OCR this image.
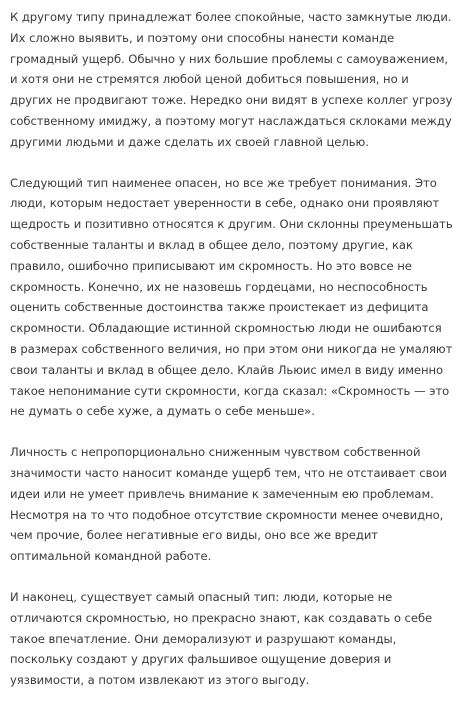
К другому типу принадлежат более спокойные, часто замкнутые люди.
Их сложно выявить, и поэтому они способны нанести команде
громадный ущерб. Обычно у них большие проблемы с самоуважением,
и хотя они не стремятся любой ценой добиться повышения, но и
других не продвигают тоже. Нередко они видят в успехе коллег угрозу
собственному имиджу, а поэтому могут наслаждаться склоками между
другими людьми и даже сделать их своей главной целью.

Следующий тип наименее опасен, но все же требует понимания. Это
люди, которым недостает уверенности в себе, однако они проявляют
щедрость и позитивно относятся к другим. Они склонны преуменьшать
собственные таланты и вклад в общее дело, поэтому другие, как
правило, ошибочно приписывают им скромность. Но это вовсе не
скромность. Конечно, их не назовешь гордецами, но неспособность
оценить собственные достоинства также проистекает из дефицита
скромности. Обладающие истинной скромностью люди не ошибаются
в размерах собственного величия, но при этом они никогда не умаляют
свои таланты и вклад в общее дело. Клайв Льюис имел в виду именно
такое непонимание сути скромности, когда сказал: «Скромность — это
не думать о себе хуже, а думать о себе меньше».

Личность с непропорционально сниженным чувством собственной
значимости часто наносит команде ущерб тем, что не отстаивает свои
идеи или не умеет привлечь внимание к замеченным ею проблемам.
Несмотря на то что подобное отсутствие скромности менее очевидно,
чем прочие, более негативные его виды, оно все же вредит
оптимальной командной работе.

И наконец, существует самый опасный тип: люди, которые не
отличаются скромностью, но прекрасно знают, как создавать о себе
такое впечатление. Они деморализуют и разрушают команды,
поскольку создают у других фальшивое ощущение доверия и
уязвимости, а потом извлекают из этого выгоду.
